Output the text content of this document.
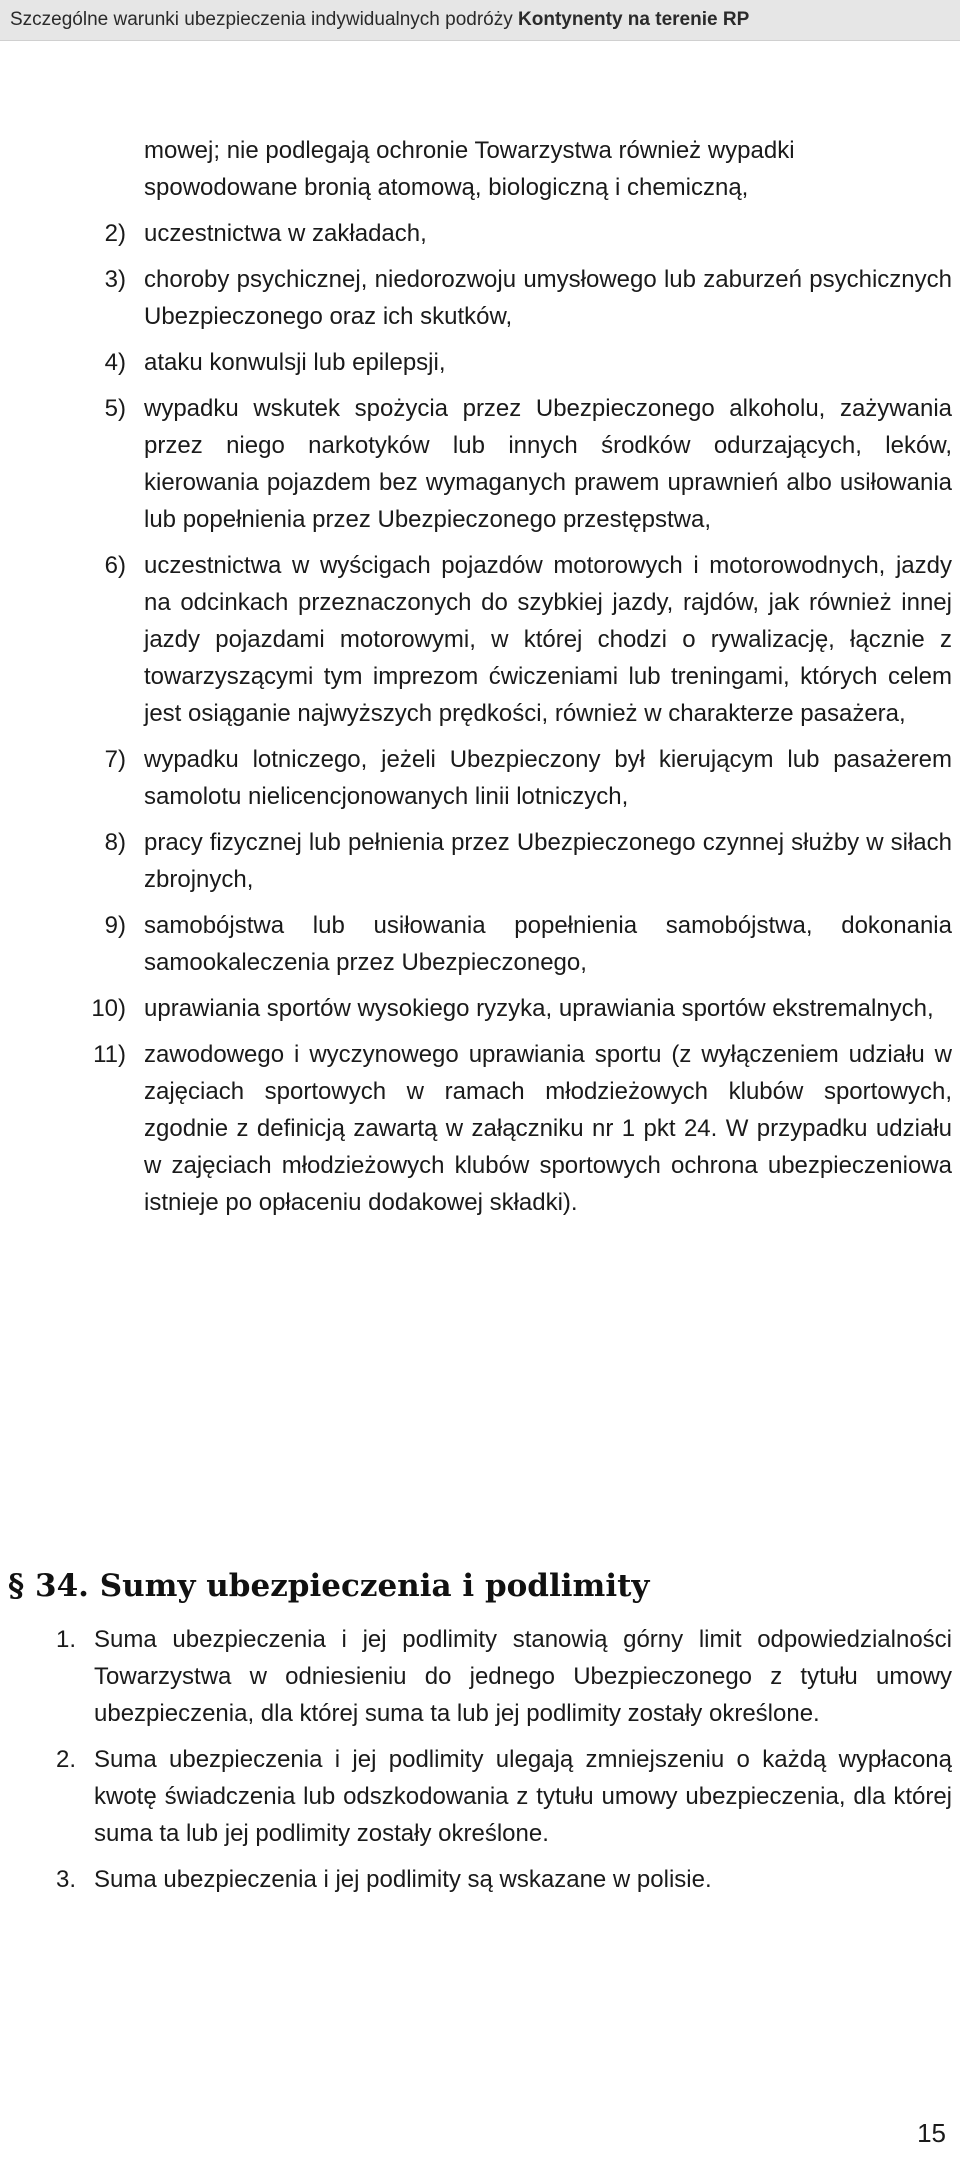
Szczególne warunki ubezpieczenia indywidualnych podróży Kontynenty na terenie RP
mowej; nie podlegają ochronie Towarzystwa również wypadki
spowodowane bronią atomową, biologiczną i chemiczną,
2) uczestnictwa w zakładach,
3) choroby psychicznej, niedorozwoju umysłowego lub zaburzeń psychicznych Ubezpieczonego oraz ich skutków,
4) ataku konwulsji lub epilepsji,
5) wypadku wskutek spożycia przez Ubezpieczonego alkoholu, zażywania przez niego narkotyków lub innych środków odurzających, leków, kierowania pojazdem bez wymaganych prawem uprawnień albo usiłowania lub popełnienia przez Ubezpieczonego przestępstwa,
6) uczestnictwa w wyścigach pojazdów motorowych i motorowodnych, jazdy na odcinkach przeznaczonych do szybkiej jazdy, rajdów, jak również innej jazdy pojazdami motorowymi, w której chodzi o rywalizację, łącznie z towarzyszącymi tym imprezom ćwiczeniami lub treningami, których celem jest osiąganie najwyższych prędkości, również w charakterze pasażera,
7) wypadku lotniczego, jeżeli Ubezpieczony był kierującym lub pasażerem samolotu nielicencjonowanych linii lotniczych,
8) pracy fizycznej lub pełnienia przez Ubezpieczonego czynnej służby w siłach zbrojnych,
9) samobójstwa lub usiłowania popełnienia samobójstwa, dokonania samookaleczenia przez Ubezpieczonego,
10) uprawiania sportów wysokiego ryzyka, uprawiania sportów ekstremalnych,
11) zawodowego i wyczynowego uprawiania sportu (z wyłączeniem udziału w zajęciach sportowych w ramach młodzieżowych klubów sportowych, zgodnie z definicją zawartą w załączniku nr 1 pkt 24. W przypadku udziału w zajęciach młodzieżowych klubów sportowych ochrona ubezpieczeniowa istnieje po opłaceniu dodakowej składki).
§ 34. Sumy ubezpieczenia i podlimity
1. Suma ubezpieczenia i jej podlimity stanowią górny limit odpowiedzialności Towarzystwa w odniesieniu do jednego Ubezpieczonego z tytułu umowy ubezpieczenia, dla której suma ta lub jej podlimity zostały określone.
2. Suma ubezpieczenia i jej podlimity ulegają zmniejszeniu o każdą wypłaconą kwotę świadczenia lub odszkodowania z tytułu umowy ubezpieczenia, dla której suma ta lub jej podlimity zostały określone.
3. Suma ubezpieczenia i jej podlimity są wskazane w polisie.
15
